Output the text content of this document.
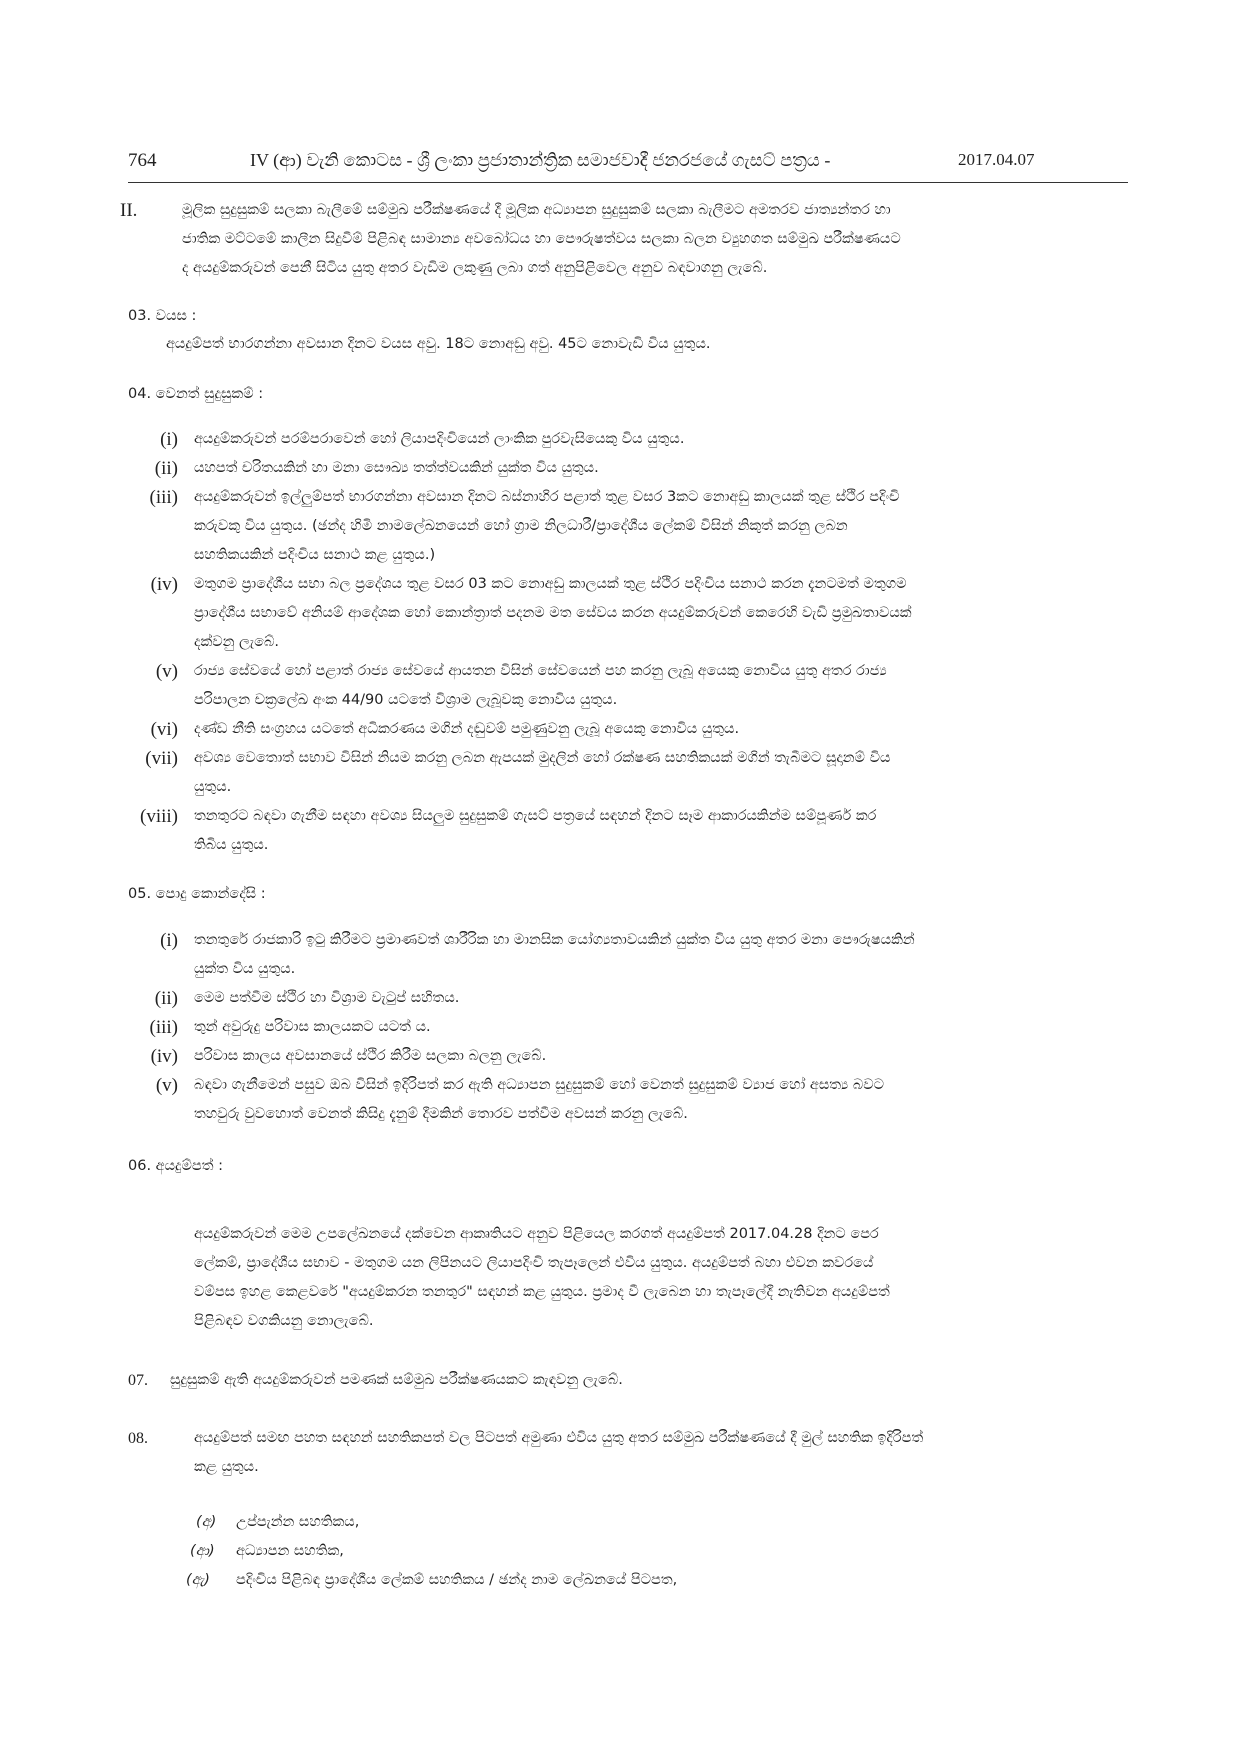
764	IV (ආ) වැනි කොටස - ශ්‍රී ලංකා ප්‍රජාතාන්ත්‍රික සමාජවාදී ජනරජයේ ගැසට් පත්‍රය -	2017.04.07
II.	මූලික සුදුසුකම් සලකා බැලීමේ සම්මුඛ පරීක්ෂණයේ දී මූලික අධ්‍යාපන සුදුසුකම් සලකා බැලීමට අමතරව ජාත්‍යන්තර හා
ජාතික මට්ටමේ කාලීන සිදුවීම් පිළිබඳ සාමාන්‍ය අවබෝධය හා පෞරුෂත්වය සලකා බලන ව්‍යුහගත සම්මුඛ පරීක්ෂණයට
ද අයදුම්කරුවන් පෙනී සිටිය යුතු අතර වැඩිම ලකුණු ලබා ගත් අනුපිළිවෙල අනුව බඳවාගනු ලැබේ.
03. වයස :
අයදුම්පත් භාරගන්නා අවසාන දිනට වයස අවු. 18ට නොඅඩු අවු. 45ට නොවැඩි විය යුතුය.
04. වෙනත් සුදුසුකම් :
(i) අයදුම්කරුවන් පරම්පරාවෙන් හෝ ලියාපදිංචියෙන් ලාංකික පුරවැසියෙකු විය යුතුය.
(ii) යහපත් චරිතයකින් හා මනා සෞඛ්‍ය තත්ත්වයකින් යුක්ත විය යුතුය.
(iii) අයදුම්කරුවන් ඉල්ලුම්පත් භාරගන්නා අවසාන දිනට බස්නාහිර පළාත් තුළ වසර 3කට නොඅඩු කාලයක් තුළ ස්ථිර පදිංචි
කරුවකු විය යුතුය. (ඡන්ද හිමි නාමලේඛනයෙන් හෝ ග්‍රාම නිලධාරී/ප්‍රාදේශීය ලේකම් විසින් නිකුත් කරනු ලබන
සහතිකයකින් පදිංචිය සනාථ කළ යුතුය.)
(iv) මතුගම ප්‍රාදේශීය සභා බල ප්‍රදේශය තුළ වසර 03 කට නොඅඩු කාලයක් තුළ ස්ථිර පදිංචිය සනාථ කරන දැනටමත් මතුගම
ප්‍රාදේශීය සභාවේ අනියම් ආදේශක හෝ කොන්ත්‍රාත් පදනම මත සේවය කරන අයදුම්කරුවන් කෙරෙහි වැඩි ප්‍රමුඛතාවයක්
දක්වනු ලැබේ.
(v) රාජ්‍ය සේවයේ හෝ පළාත් රාජ්‍ය සේවයේ ආයතන විසින් සේවයෙන් පහ කරනු ලැබූ අයෙකු නොවිය යුතු අතර රාජ්‍ය
පරිපාලන චක්‍රලේඛ අංක 44/90 යටතේ විශ්‍රාම ලැබූවකු නොවිය යුතුය.
(vi) දණ්ඩ නීති සංග්‍රහය යටතේ අධිකරණය මගින් දඬුවම් පමුණුවනු ලැබූ අයෙකු නොවිය යුතුය.
(vii) අවශ්‍ය වෙතොත් සභාව විසින් නියම කරනු ලබන ඇපයක් මුදලින් හෝ රක්ෂණ සහතිකයක් මගින් තැබීමට සූදානම් විය
යුතුය.
(viii) තනතුරට බඳවා ගැනීම සඳහා අවශ්‍ය සියලුම සුදුසුකම් ගැසට් පත්‍රයේ සඳහන් දිනට සෑම ආකාරයකින්ම සම්පූර්ණ කර
තිබිය යුතුය.
05. පොදු කොන්දේසි :
(i) තනතුරේ රාජකාරි ඉටු කිරීමට ප්‍රමාණවත් ශාරීරික හා මානසික යෝග්‍යතාවයකින් යුක්ත විය යුතු අතර මනා පෞරුෂයකින්
යුක්ත විය යුතුය.
(ii) මෙම පත්වීම ස්ථිර හා විශ්‍රාම වැටුප් සහිතය.
(iii) තුන් අවුරුදු පරිවාස කාලයකට යටත් ය.
(iv) පරිවාස කාලය අවසානයේ ස්ථිර කිරීම සලකා බලනු ලැබේ.
(v) බඳවා ගැනීමෙන් පසුව ඔබ විසින් ඉදිරිපත් කර ඇති අධ්‍යාපන සුදුසුකම් හෝ වෙනත් සුදුසුකම් ව්‍යාජ හෝ අසත්‍ය බවට
තහවුරු වුවහොත් වෙනත් කිසිදු දැනුම් දීමකින් තොරව පත්වීම අවසන් කරනු ලැබේ.
06. අයදුම්පත් :
අයදුම්කරුවන් මෙම උපලේඛනයේ දක්වෙන ආකෘතියට අනුව පිළියෙල කරගත් අයදුම්පත් 2017.04.28 දිනට පෙර
ලේකම්, ප්‍රාදේශීය සභාව - මතුගම යන ලිපිනයට ලියාපදිංචි තැපෑලෙන් එවිය යුතුය. අයදුම්පත් බහා එවන කවරයේ
වම්පස ඉහළ කෙළවරේ "අයදුම්කරන තනතුර" සඳහන් කළ යුතුය. ප්‍රමාද වී ලැබෙන හා තැපෑලේදී නැතිවන අයදුම්පත්
පිළිබඳව වගකියනු නොලැබේ.
07. සුදුසුකම් ඇති අයදුම්කරුවන් පමණක් සම්මුඛ පරීක්ෂණයකට කැඳවනු ලැබේ.
08.	අයදුම්පත් සමඟ පහත සඳහන් සහතිකපත් වල පිටපත් අමුණා එවිය යුතු අතර සම්මුඛ පරීක්ෂණයේ දී මුල් සහතික ඉදිරිපත්
කළ යුතුය.
(අ) උප්පැන්න සහතිකය,
(ආ) අධ්‍යාපන සහතික,
(ඇ) පදිංචිය පිළිබඳ ප්‍රාදේශීය ලේකම් සහතිකය / ඡන්ද නාම ලේඛනයේ පිටපත,
